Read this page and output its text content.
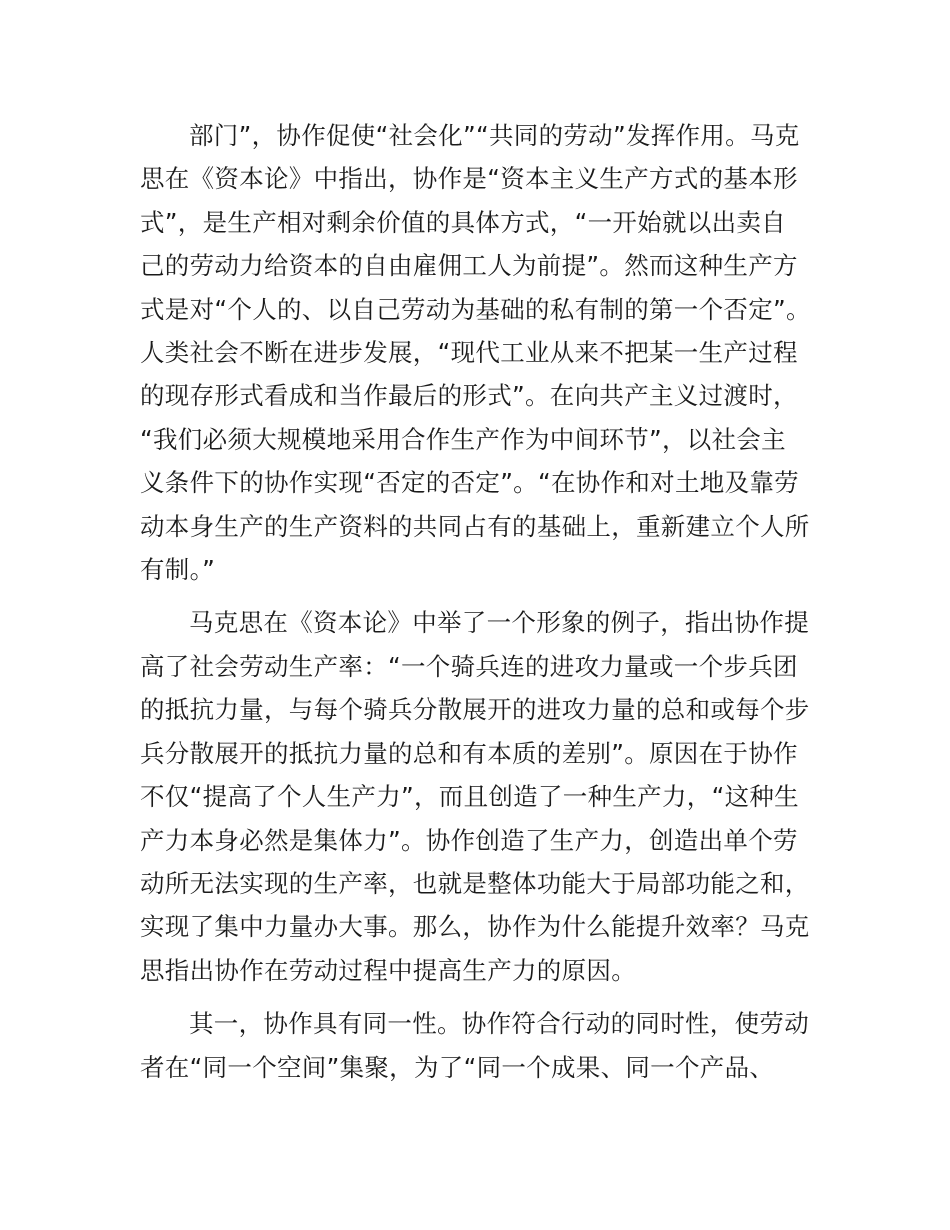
部门”，协作促使“社会化”“共同的劳动”发挥作用。马克
思在《资本论》中指出，协作是“资本主义生产方式的基本形
式”，是生产相对剩余价值的具体方式，“一开始就以出卖自
己的劳动力给资本的自由雇佣工人为前提”。然而这种生产方
式是对“个人的、以自己劳动为基础的私有制的第一个否定”。
人类社会不断在进步发展，“现代工业从来不把某一生产过程
的现存形式看成和当作最后的形式”。在向共产主义过渡时，
“我们必须大规模地采用合作生产作为中间环节”，以社会主
义条件下的协作实现“否定的否定”。“在协作和对土地及靠劳
动本身生产的生产资料的共同占有的基础上，重新建立个人所
有制。”

马克思在《资本论》中举了一个形象的例子，指出协作提
高了社会劳动生产率：“一个骑兵连的进攻力量或一个步兵团
的抵抗力量，与每个骑兵分散展开的进攻力量的总和或每个步
兵分散展开的抵抗力量的总和有本质的差别”。原因在于协作
不仅“提高了个人生产力”，而且创造了一种生产力，“这种生
产力本身必然是集体力”。协作创造了生产力，创造出单个劳
动所无法实现的生产率，也就是整体功能大于局部功能之和，
实现了集中力量办大事。那么，协作为什么能提升效率？马克
思指出协作在劳动过程中提高生产力的原因。

其一，协作具有同一性。协作符合行动的同时性，使劳动
者在“同一个空间”集聚，为了“同一个成果、同一个产品、
